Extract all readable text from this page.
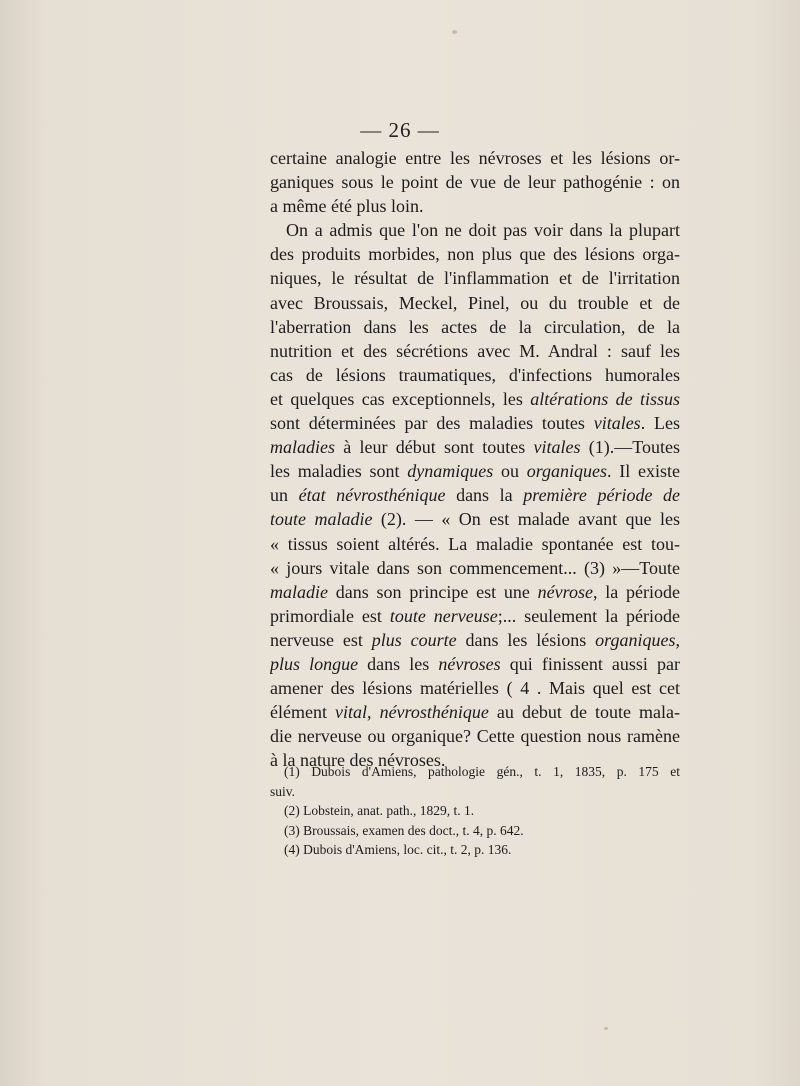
— 26 —
certaine analogie entre les névroses et les lésions or-
ganiques sous le point de vue de leur pathogénie : on
a même été plus loin.
On a admis que l'on ne doit pas voir dans la plupart
des produits morbides, non plus que des lésions orga-
niques, le résultat de l'inflammation et de l'irritation
avec Broussais, Meckel, Pinel, ou du trouble et de
l'aberration dans les actes de la circulation, de la
nutrition et des sécrétions avec M. Andral : sauf les
cas de lésions traumatiques, d'infections humorales
et quelques cas exceptionnels, les altérations de tissus
sont déterminées par des maladies toutes vitales. Les
maladies à leur début sont toutes vitales (1).—Toutes
les maladies sont dynamiques ou organiques. Il existe
un état névrosthénique dans la première période de
toute maladie (2). — « On est malade avant que les
« tissus soient altérés. La maladie spontanée est tou-
« jours vitale dans son commencement... (3) »—Toute
maladie dans son principe est une névrose, la période
primordiale est toute nerveuse;... seulement la période
nerveuse est plus courte dans les lésions organiques,
plus longue dans les névroses qui finissent aussi par
amener des lésions matérielles ( 4 . Mais quel est cet
élément vital, névrosthénique au debut de toute mala-
die nerveuse ou organique? Cette question nous ramène
à la nature des névroses.
(1) Dubois d'Amiens, pathologie gén., t. 1, 1835, p. 175 et
suiv.
(2) Lobstein, anat. path., 1829, t. 1.
(3) Broussais, examen des doct., t. 4, p. 642.
(4) Dubois d'Amiens, loc. cit., t. 2, p. 136.
